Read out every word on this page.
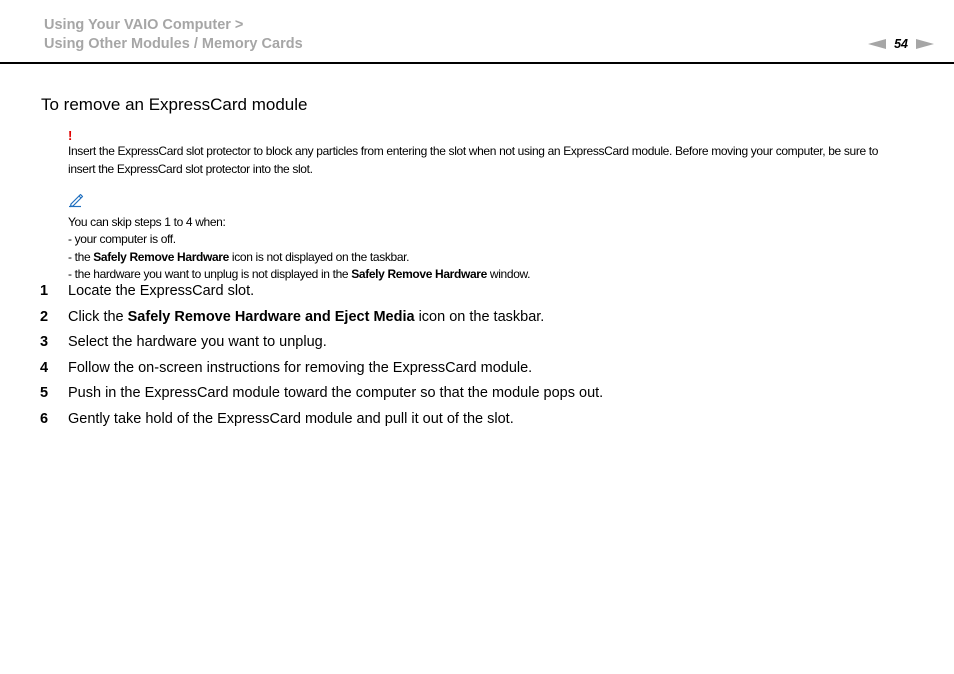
Using Your VAIO Computer >
Using Other Modules / Memory Cards	54
To remove an ExpressCard module
!
Insert the ExpressCard slot protector to block any particles from entering the slot when not using an ExpressCard module. Before moving your computer, be sure to insert the ExpressCard slot protector into the slot.
You can skip steps 1 to 4 when:
- your computer is off.
- the Safely Remove Hardware icon is not displayed on the taskbar.
- the hardware you want to unplug is not displayed in the Safely Remove Hardware window.
1	Locate the ExpressCard slot.
2	Click the Safely Remove Hardware and Eject Media icon on the taskbar.
3	Select the hardware you want to unplug.
4	Follow the on-screen instructions for removing the ExpressCard module.
5	Push in the ExpressCard module toward the computer so that the module pops out.
6	Gently take hold of the ExpressCard module and pull it out of the slot.
